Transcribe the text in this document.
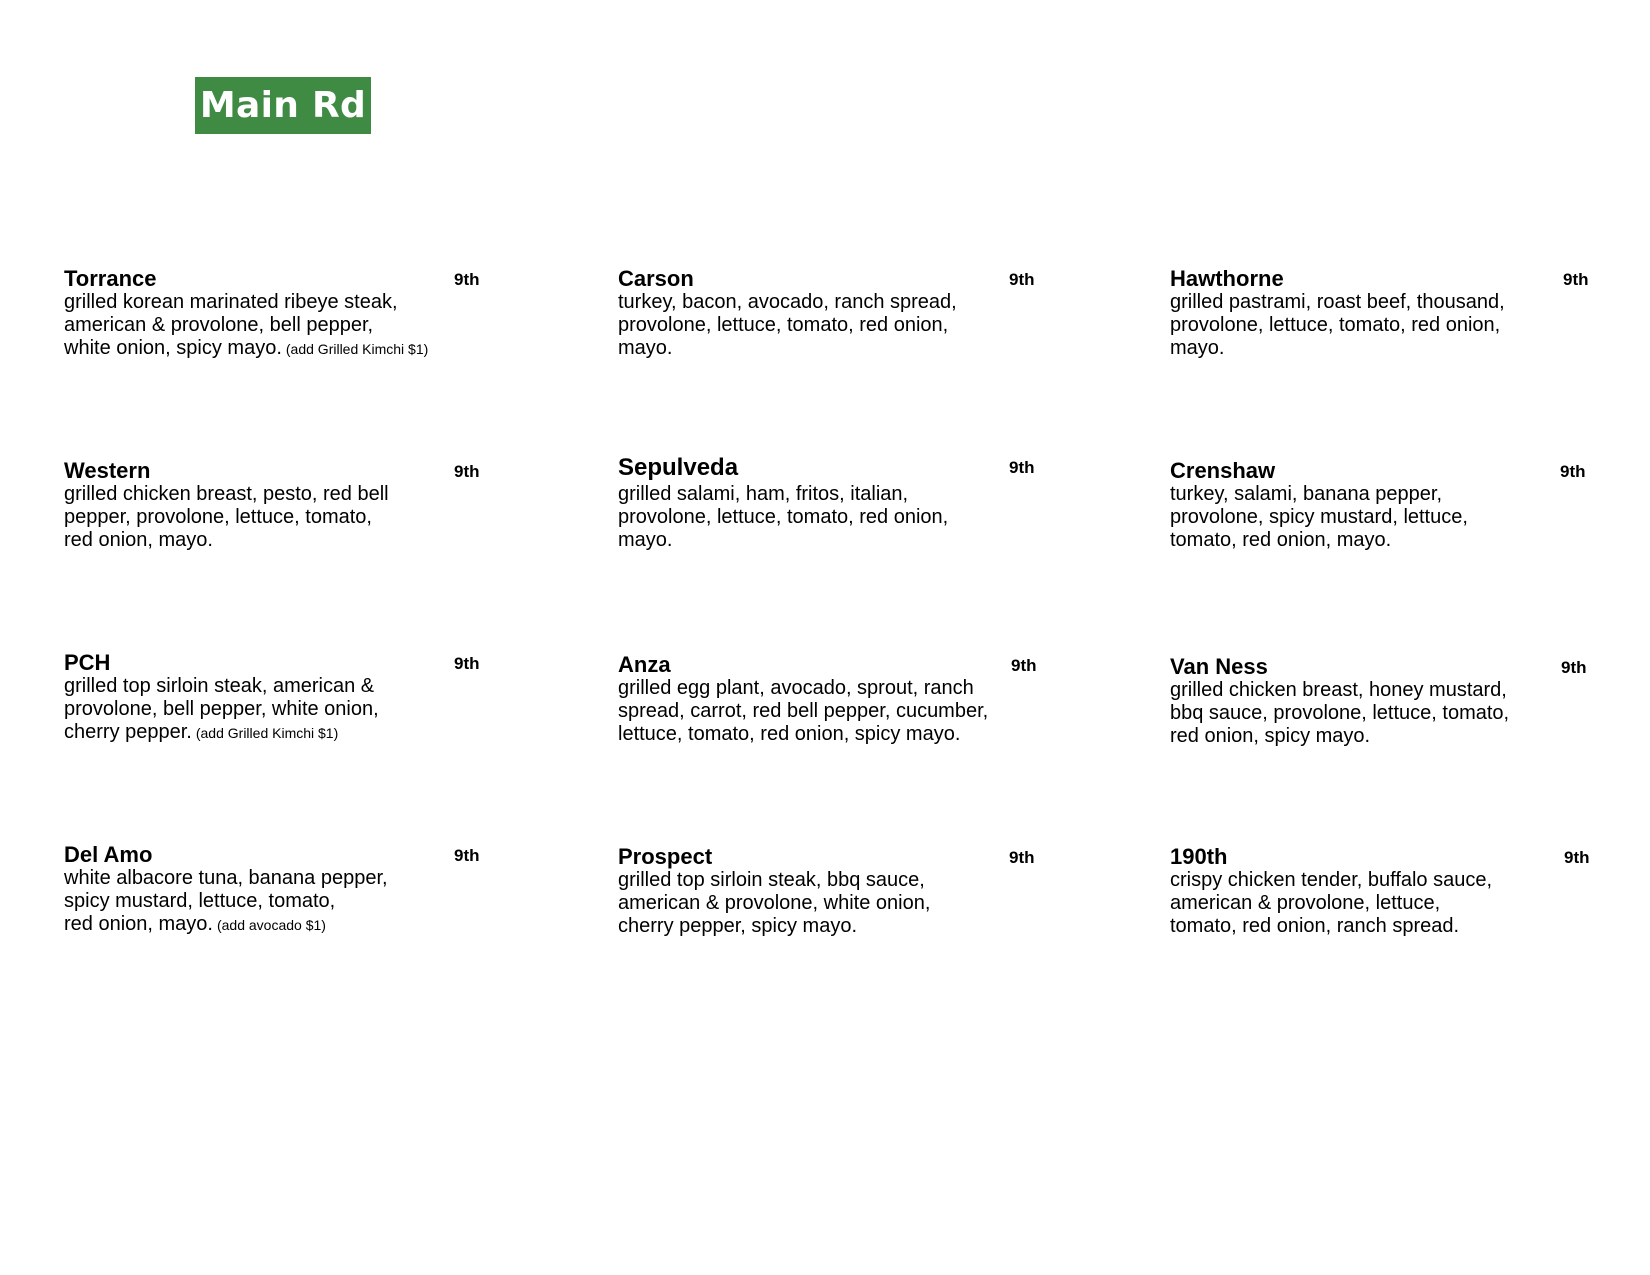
Main Rd
Torrance	9th
grilled korean marinated ribeye steak,
american & provolone, bell pepper,
white onion, spicy mayo. (add Grilled Kimchi $1)
Carson	9th
turkey, bacon, avocado, ranch spread,
provolone, lettuce, tomato, red onion,
mayo.
Hawthorne	9th
grilled pastrami, roast beef, thousand,
provolone, lettuce, tomato, red onion,
mayo.
Western	9th
grilled chicken breast, pesto, red bell
pepper, provolone, lettuce, tomato,
red onion, mayo.
Sepulveda	9th
grilled salami, ham, fritos, italian,
provolone, lettuce, tomato, red onion,
mayo.
Crenshaw	9th
turkey, salami, banana pepper,
provolone, spicy mustard, lettuce,
tomato, red onion, mayo.
PCH	9th
grilled top sirloin steak, american &
provolone, bell pepper, white onion,
cherry pepper. (add Grilled Kimchi $1)
Anza	9th
grilled egg plant, avocado, sprout, ranch
spread, carrot, red bell pepper, cucumber,
lettuce, tomato, red onion, spicy mayo.
Van Ness	9th
grilled chicken breast, honey mustard,
bbq sauce, provolone, lettuce, tomato,
red onion, spicy mayo.
Del Amo	9th
white albacore tuna, banana pepper,
spicy mustard, lettuce, tomato,
red onion, mayo. (add avocado $1)
Prospect	9th
grilled top sirloin steak, bbq sauce,
american & provolone, white onion,
cherry pepper, spicy mayo.
190th	9th
crispy chicken tender, buffalo sauce,
american & provolone, lettuce,
tomato, red onion, ranch spread.
